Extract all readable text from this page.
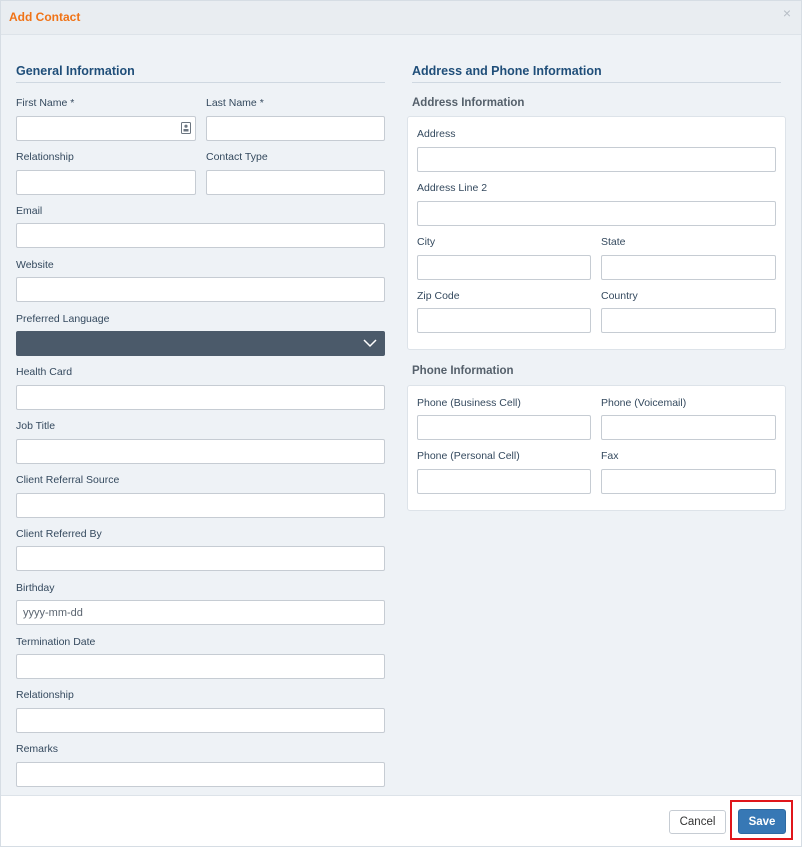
Add Contact	×
General Information
First Name *	Last Name *
Relationship	Contact Type
Email
Website
Preferred Language
Health Card
Job Title
Client Referral Source
Client Referred By
Birthday
yyyy-mm-dd
Termination Date
Relationship
Remarks
Address and Phone Information
Address Information
Address
Address Line 2
City	State
Zip Code	Country
Phone Information
Phone (Business Cell)	Phone (Voicemail)
Phone (Personal Cell)	Fax
Cancel	Save
